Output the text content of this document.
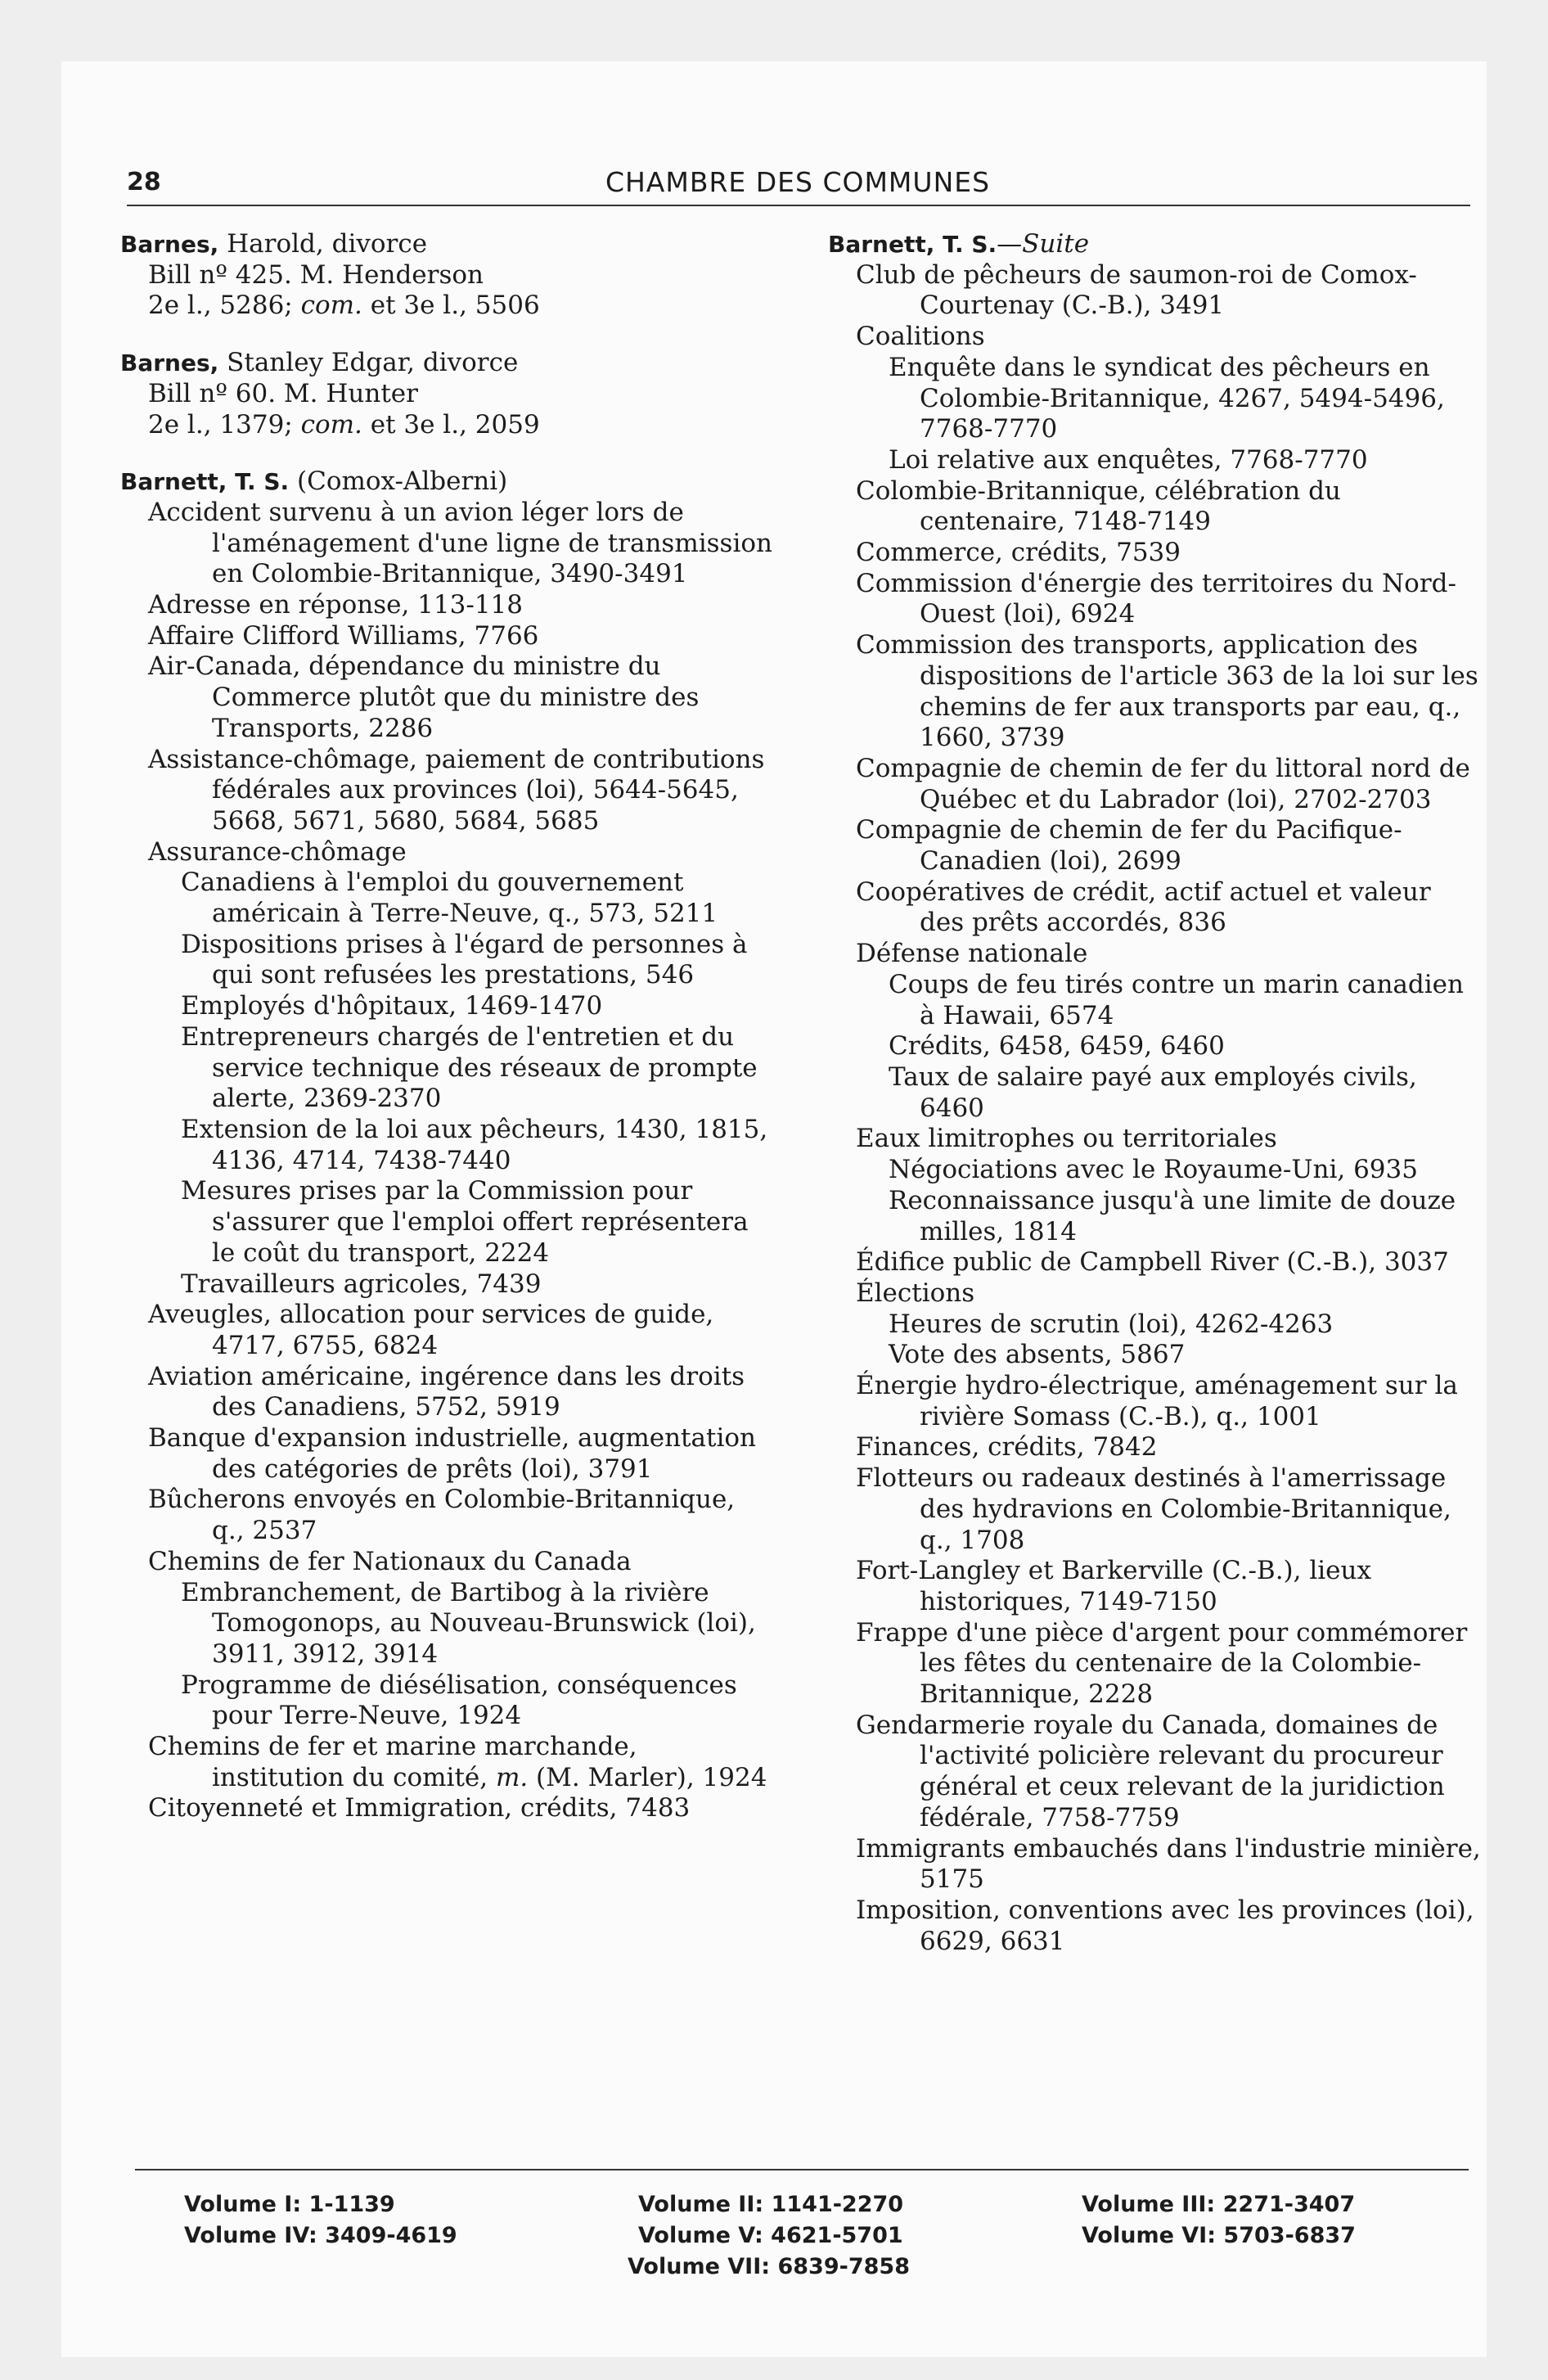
28	CHAMBRE DES COMMUNES
Barnes, Harold, divorce
Bill nº 425. M. Henderson
2e l., 5286; com. et 3e l., 5506
Barnes, Stanley Edgar, divorce
Bill nº 60. M. Hunter
2e l., 1379; com. et 3e l., 2059
Barnett, T. S. (Comox-Alberni)
Accident survenu à un avion léger lors de l'aménagement d'une ligne de transmission en Colombie-Britannique, 3490-3491
Adresse en réponse, 113-118
Affaire Clifford Williams, 7766
Air-Canada, dépendance du ministre du Commerce plutôt que du ministre des Transports, 2286
Assistance-chômage, paiement de contributions fédérales aux provinces (loi), 5644-5645, 5668, 5671, 5680, 5684, 5685
Assurance-chômage
Canadiens à l'emploi du gouvernement américain à Terre-Neuve, q., 573, 5211
Dispositions prises à l'égard de personnes à qui sont refusées les prestations, 546
Employés d'hôpitaux, 1469-1470
Entrepreneurs chargés de l'entretien et du service technique des réseaux de prompte alerte, 2369-2370
Extension de la loi aux pêcheurs, 1430, 1815, 4136, 4714, 7438-7440
Mesures prises par la Commission pour s'assurer que l'emploi offert représentera le coût du transport, 2224
Travailleurs agricoles, 7439
Aveugles, allocation pour services de guide, 4717, 6755, 6824
Aviation américaine, ingérence dans les droits des Canadiens, 5752, 5919
Banque d'expansion industrielle, augmentation des catégories de prêts (loi), 3791
Bûcherons envoyés en Colombie-Britannique, q., 2537
Chemins de fer Nationaux du Canada
Embranchement, de Bartibog à la rivière Tomogonops, au Nouveau-Brunswick (loi), 3911, 3912, 3914
Programme de diésélisation, conséquences pour Terre-Neuve, 1924
Chemins de fer et marine marchande, institution du comité, m. (M. Marler), 1924
Citoyenneté et Immigration, crédits, 7483
Barnett, T. S.—Suite
Club de pêcheurs de saumon-roi de Comox-Courtenay (C.-B.), 3491
Coalitions
Enquête dans le syndicat des pêcheurs en Colombie-Britannique, 4267, 5494-5496, 7768-7770
Loi relative aux enquêtes, 7768-7770
Colombie-Britannique, célébration du centenaire, 7148-7149
Commerce, crédits, 7539
Commission d'énergie des territoires du Nord-Ouest (loi), 6924
Commission des transports, application des dispositions de l'article 363 de la loi sur les chemins de fer aux transports par eau, q., 1660, 3739
Compagnie de chemin de fer du littoral nord de Québec et du Labrador (loi), 2702-2703
Compagnie de chemin de fer du Pacifique-Canadien (loi), 2699
Coopératives de crédit, actif actuel et valeur des prêts accordés, 836
Défense nationale
Coups de feu tirés contre un marin canadien à Hawaii, 6574
Crédits, 6458, 6459, 6460
Taux de salaire payé aux employés civils, 6460
Eaux limitrophes ou territoriales
Négociations avec le Royaume-Uni, 6935
Reconnaissance jusqu'à une limite de douze milles, 1814
Édifice public de Campbell River (C.-B.), 3037
Élections
Heures de scrutin (loi), 4262-4263
Vote des absents, 5867
Énergie hydro-électrique, aménagement sur la rivière Somass (C.-B.), q., 1001
Finances, crédits, 7842
Flotteurs ou radeaux destinés à l'amerrissage des hydravions en Colombie-Britannique, q., 1708
Fort-Langley et Barkerville (C.-B.), lieux historiques, 7149-7150
Frappe d'une pièce d'argent pour commémorer les fêtes du centenaire de la Colombie-Britannique, 2228
Gendarmerie royale du Canada, domaines de l'activité policière relevant du procureur général et ceux relevant de la juridiction fédérale, 7758-7759
Immigrants embauchés dans l'industrie minière, 5175
Imposition, conventions avec les provinces (loi), 6629, 6631
Volume I: 1-1139	Volume II: 1141-2270	Volume III: 2271-3407
Volume IV: 3409-4619	Volume V: 4621-5701	Volume VI: 5703-6837
Volume VII: 6839-7858
